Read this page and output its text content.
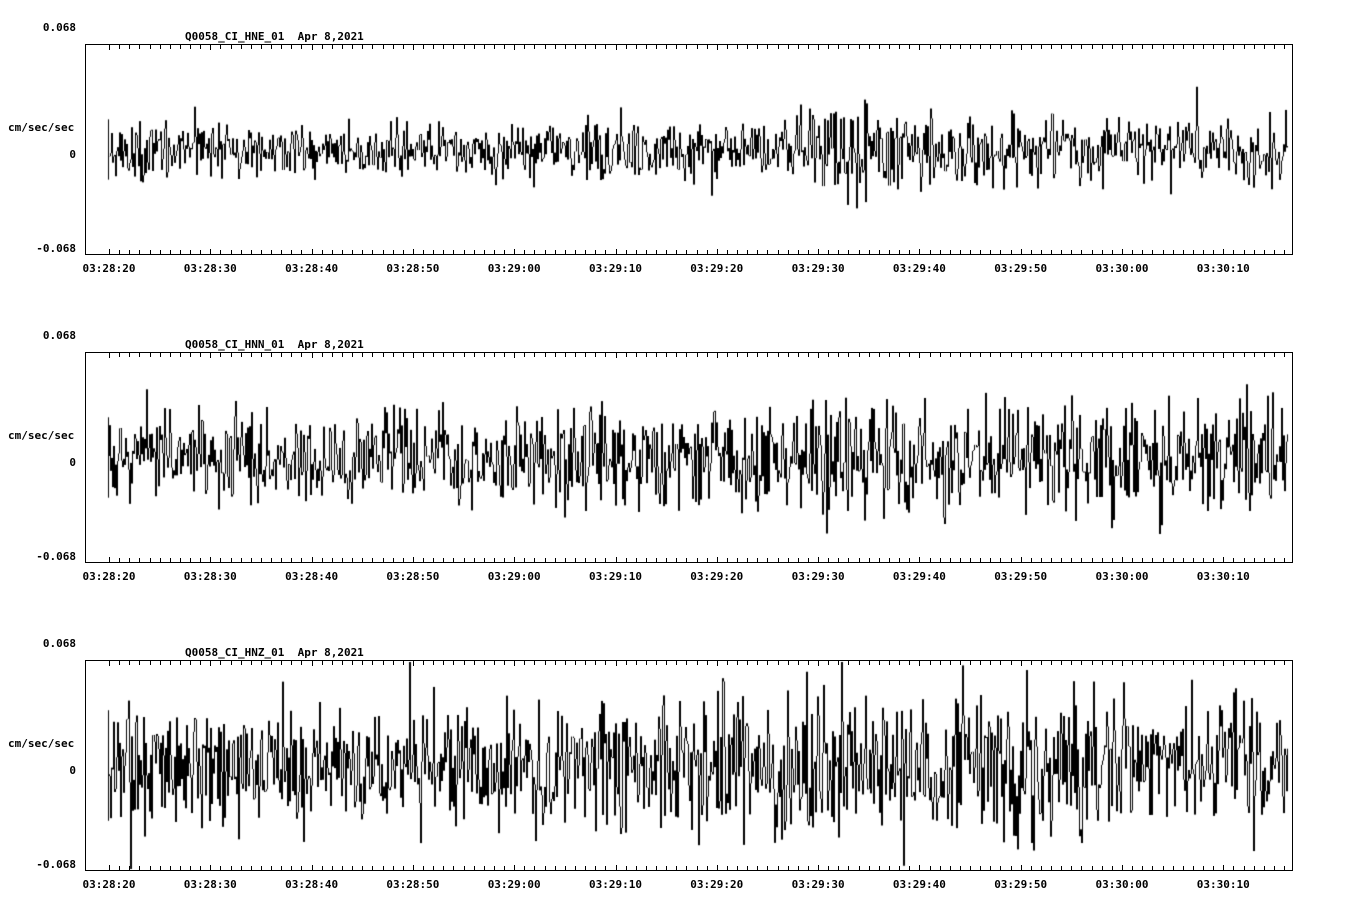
Q0058_CI_HNE_01  Apr 8,2021
cm/sec/sec
0.068
0
-0.068
03:28:20	03:28:30	03:28:40	03:28:50	03:29:00	03:29:10	03:29:20	03:29:30	03:29:40	03:29:50	03:30:00	03:30:10
Q0058_CI_HNN_01  Apr 8,2021
cm/sec/sec
0.068
0
-0.068
03:28:20	03:28:30	03:28:40	03:28:50	03:29:00	03:29:10	03:29:20	03:29:30	03:29:40	03:29:50	03:30:00	03:30:10
Q0058_CI_HNZ_01  Apr 8,2021
cm/sec/sec
0.068
0
-0.068
03:28:20	03:28:30	03:28:40	03:28:50	03:29:00	03:29:10	03:29:20	03:29:30	03:29:40	03:29:50	03:30:00	03:30:10
